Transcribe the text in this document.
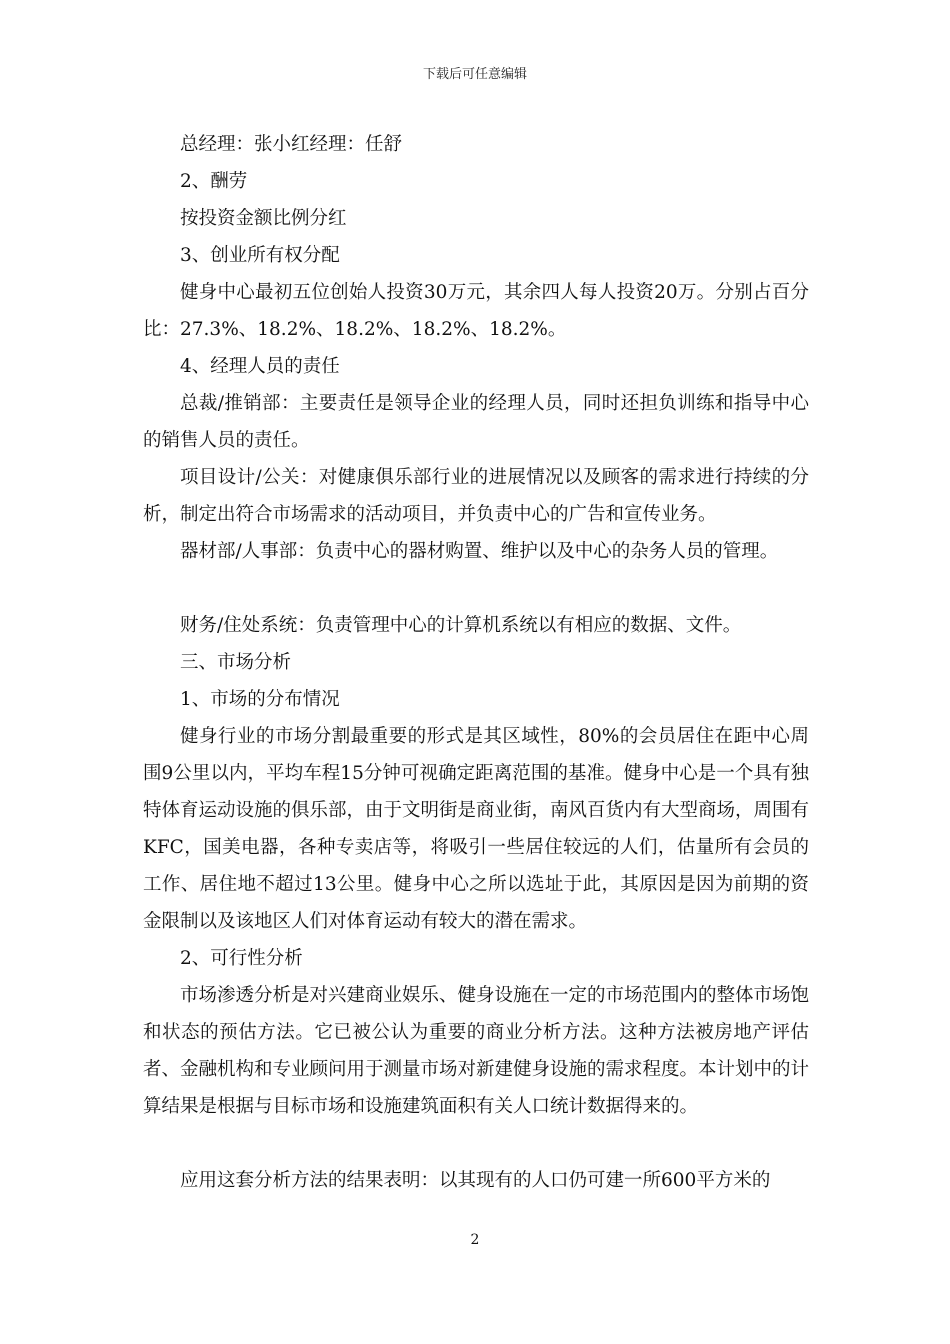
下载后可任意编辑

总经理：张小红经理：任舒

2、酬劳

按投资金额比例分红

3、创业所有权分配

健身中心最初五位创始人投资30万元，其余四人每人投资20万。分别占百分比：27.3%、18.2%、18.2%、18.2%、18.2%。

4、经理人员的责任

总裁/推销部：主要责任是领导企业的经理人员，同时还担负训练和指导中心的销售人员的责任。

项目设计/公关：对健康俱乐部行业的进展情况以及顾客的需求进行持续的分析，制定出符合市场需求的活动项目，并负责中心的广告和宣传业务。

器材部/人事部：负责中心的器材购置、维护以及中心的杂务人员的管理。

财务/住处系统：负责管理中心的计算机系统以有相应的数据、文件。

三、市场分析

1、市场的分布情况

健身行业的市场分割最重要的形式是其区域性，80%的会员居住在距中心周围9公里以内，平均车程15分钟可视确定距离范围的基准。健身中心是一个具有独特体育运动设施的俱乐部，由于文明街是商业街，南风百货内有大型商场，周围有KFC，国美电器，各种专卖店等，将吸引一些居住较远的人们，估量所有会员的工作、居住地不超过13公里。健身中心之所以选址于此，其原因是因为前期的资金限制以及该地区人们对体育运动有较大的潜在需求。

2、可行性分析

市场渗透分析是对兴建商业娱乐、健身设施在一定的市场范围内的整体市场饱和状态的预估方法。它已被公认为重要的商业分析方法。这种方法被房地产评估者、金融机构和专业顾问用于测量市场对新建健身设施的需求程度。本计划中的计算结果是根据与目标市场和设施建筑面积有关人口统计数据得来的。

应用这套分析方法的结果表明：以其现有的人口仍可建一所600平方米的

2
